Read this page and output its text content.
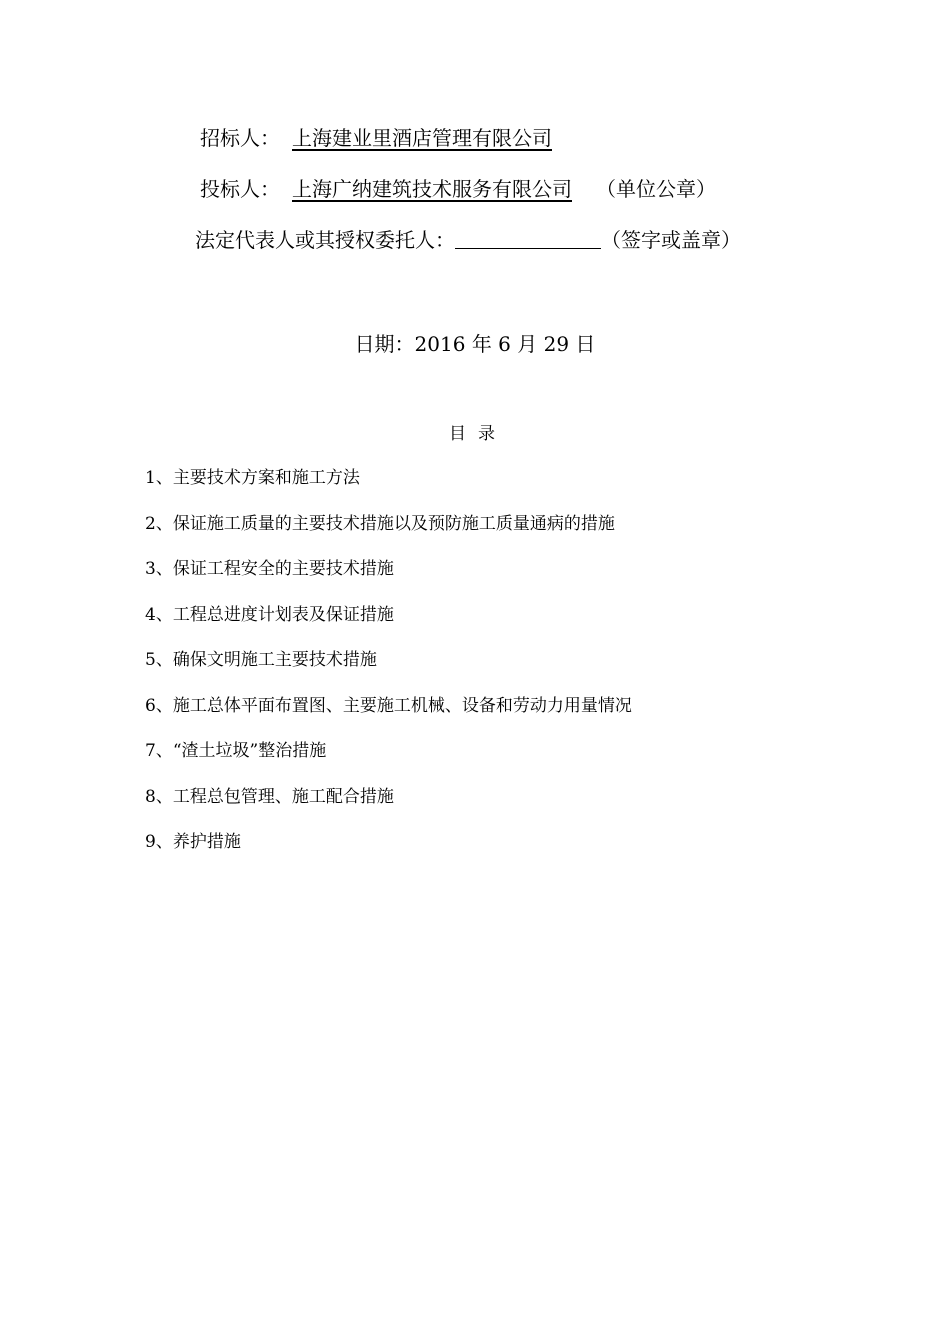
招标人： 上海建业里酒店管理有限公司
投标人： 上海广纳建筑技术服务有限公司 （单位公章）
法定代表人或其授权委托人：	（签字或盖章）
日期：2016 年 6 月 29 日
目录
1、主要技术方案和施工方法
2、保证施工质量的主要技术措施以及预防施工质量通病的措施
3、保证工程安全的主要技术措施
4、工程总进度计划表及保证措施
5、确保文明施工主要技术措施
6、施工总体平面布置图、主要施工机械、设备和劳动力用量情况
7、“渣土垃圾”整治措施
8、工程总包管理、施工配合措施
9、养护措施
